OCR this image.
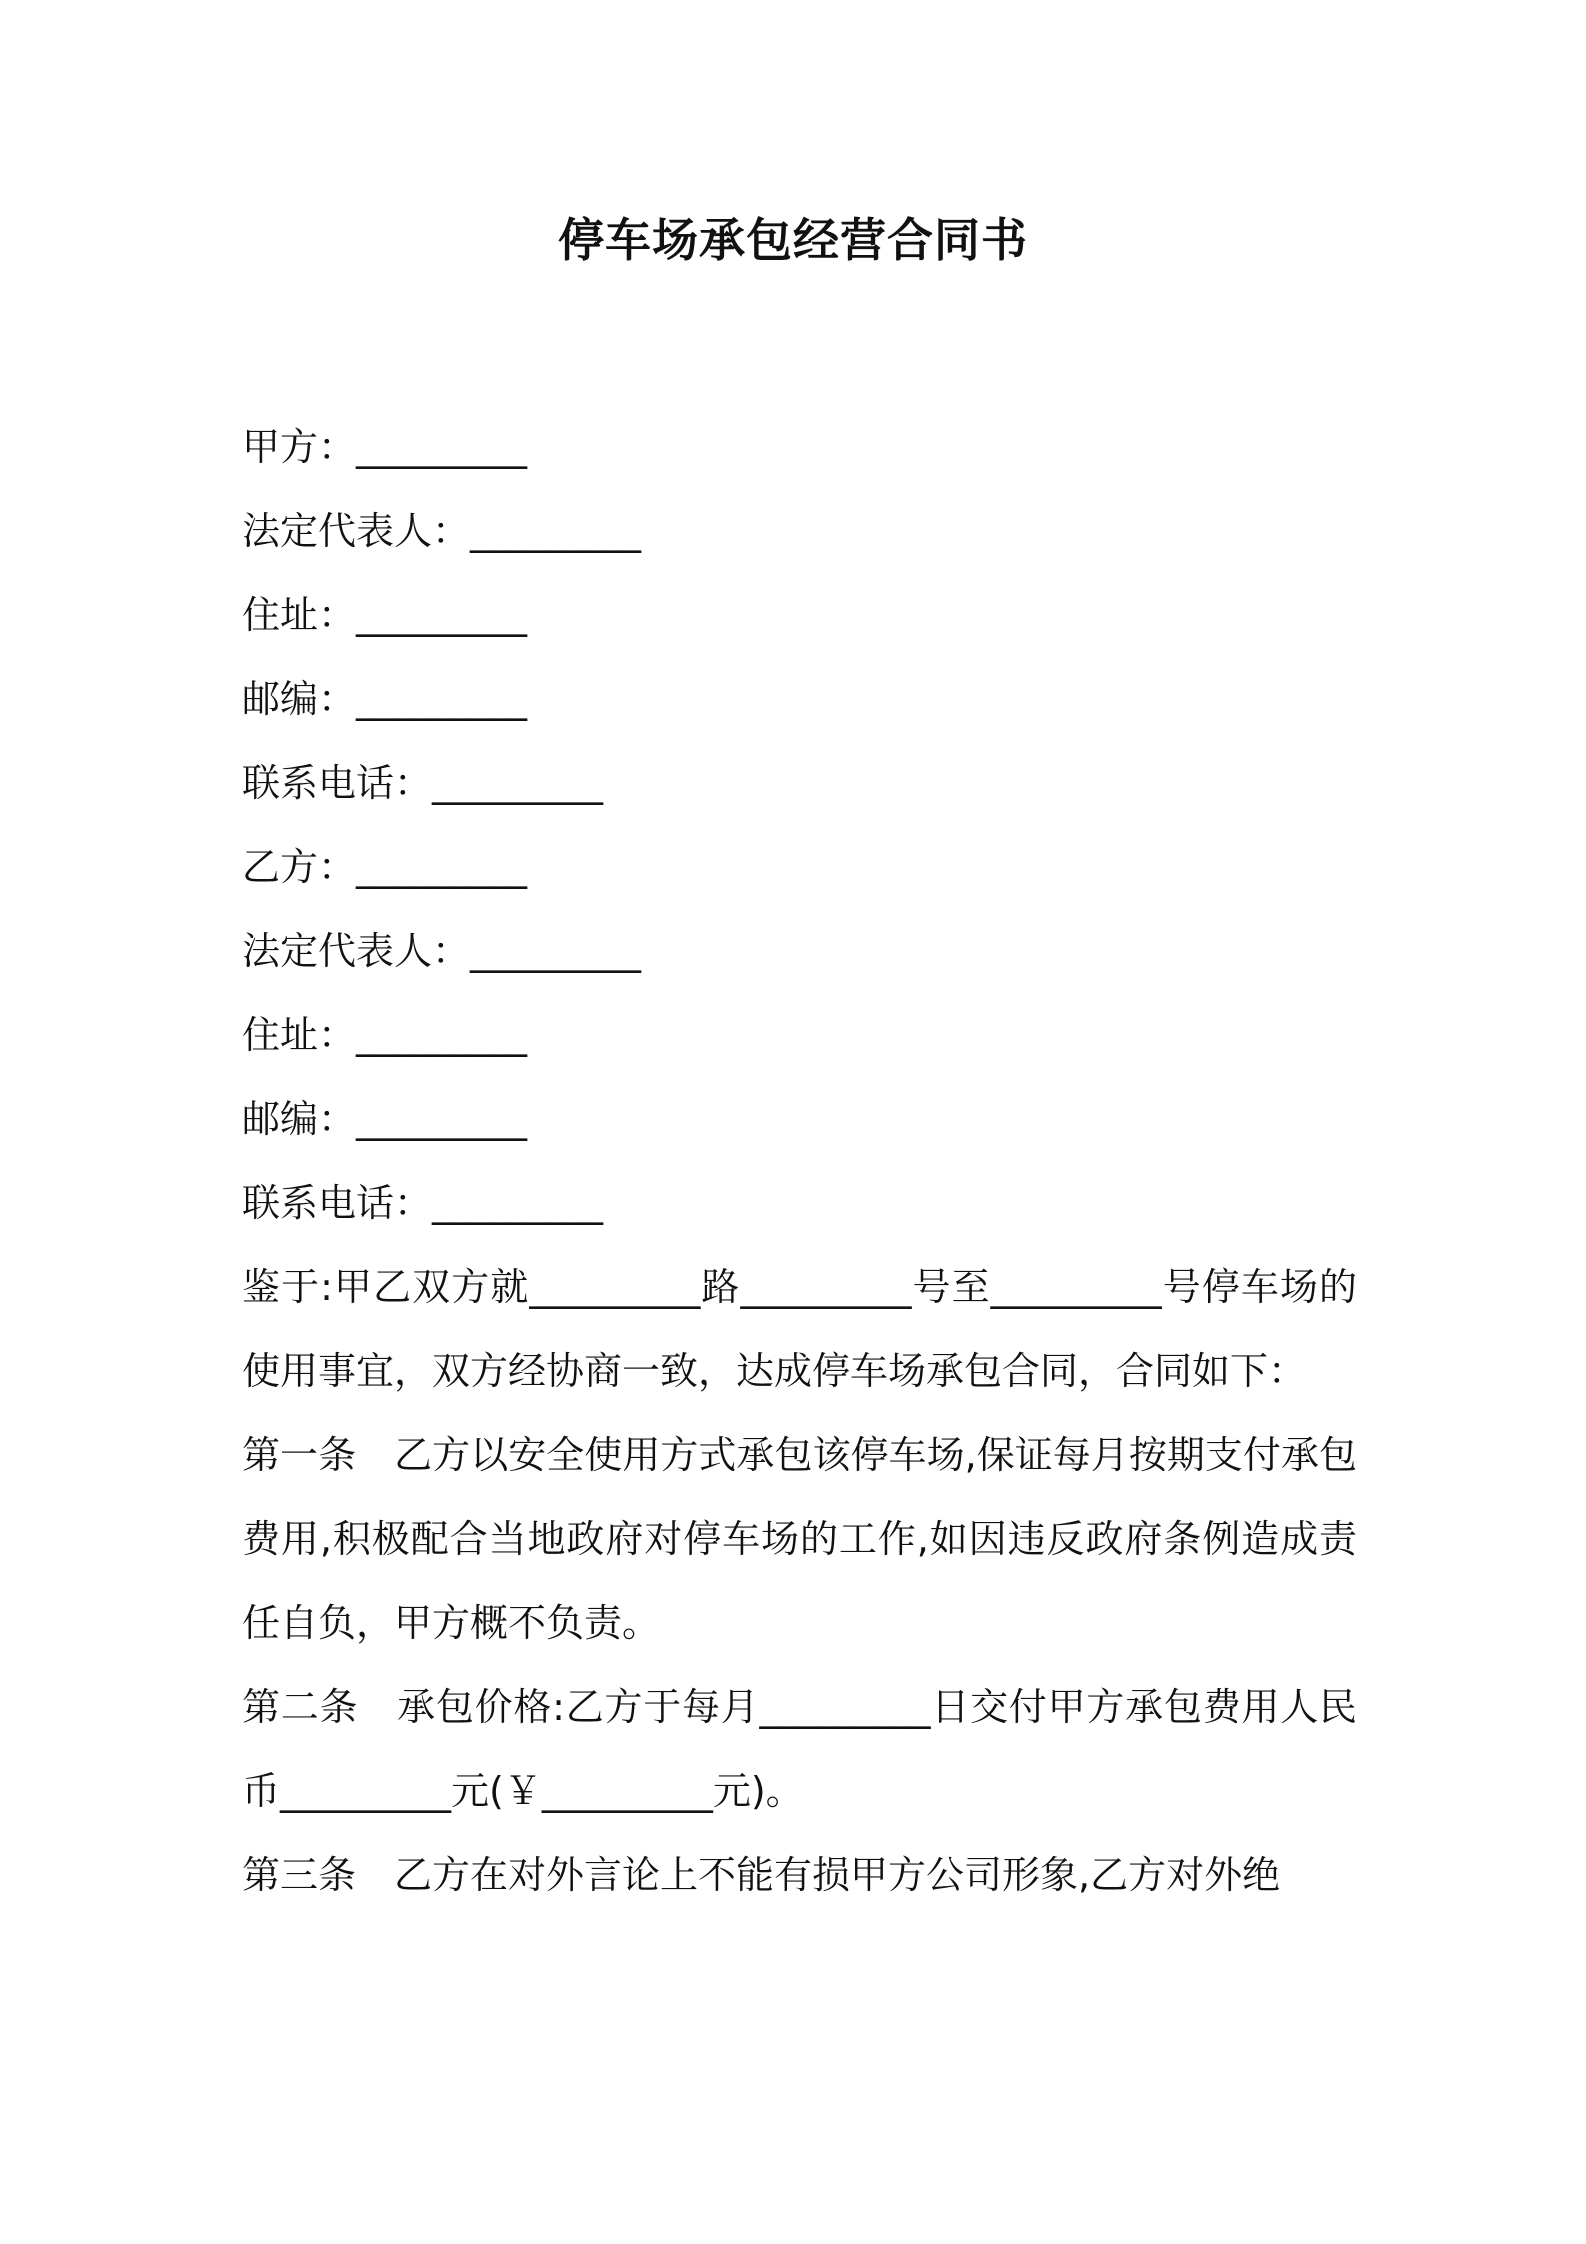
停车场承包经营合同书
甲方：_________
法定代表人：_________
住址：_________
邮编：_________
联系电话：_________
乙方：_________
法定代表人：_________
住址：_________
邮编：_________
联系电话：_________
鉴于:甲乙双方就_________路_________号至_________号停车场的使用事宜，双方经协商一致，达成停车场承包合同，合同如下：
第一条　乙方以安全使用方式承包该停车场,保证每月按期支付承包费用,积极配合当地政府对停车场的工作,如因违反政府条例造成责任自负，甲方概不负责。
第二条　承包价格:乙方于每月_________日交付甲方承包费用人民币_________元(￥_________元)。
第三条　乙方在对外言论上不能有损甲方公司形象,乙方对外绝
